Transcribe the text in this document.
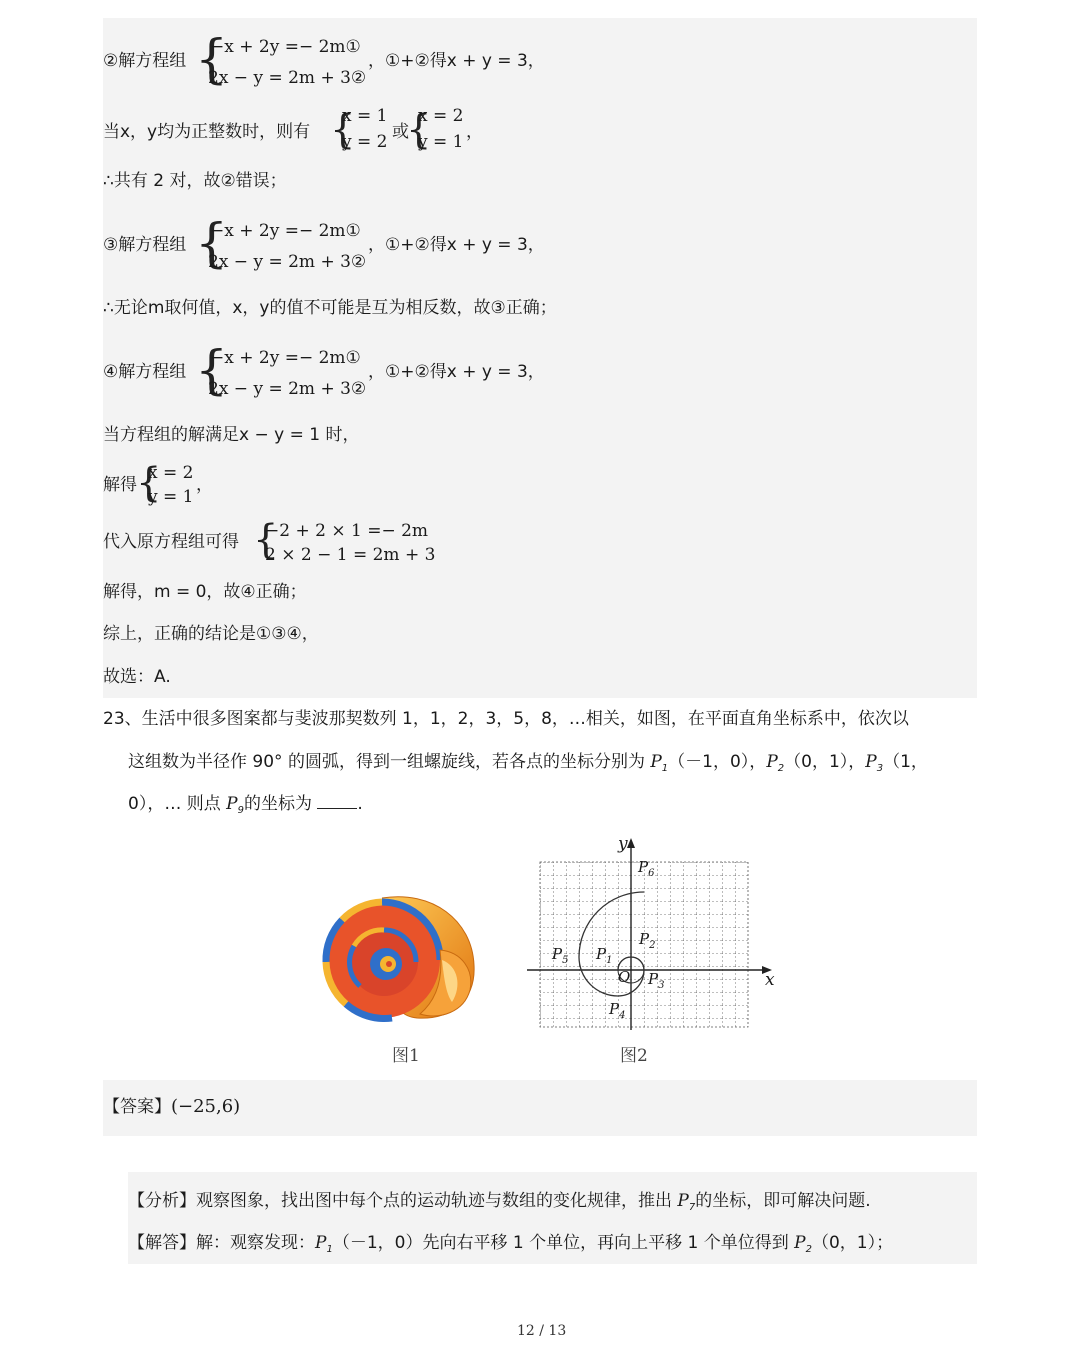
②解方程组 {
−x + 2y =− 2m①
2x − y = 2m + 3②
，①+②得x + y = 3，
当x，y均为正整数时，则有 {
x = 1
y = 2 或
{
x = 2
y = 1 ，
∴共有 2 对，故②错误；
③解方程组 {
−x + 2y =− 2m①
2x − y = 2m + 3②
，①+②得x + y = 3，
∴无论m取何值，x，y的值不可能是互为相反数，故③正确；
④解方程组 {
−x + 2y =− 2m①
2x − y = 2m + 3②
，①+②得x + y = 3，
当方程组的解满足x − y = 1 时，
解得 {
x = 2
y = 1
，
代入原方程组可得 {
−2 + 2 × 1 =− 2m
2 × 2 − 1 = 2m + 3
解得，m = 0，故④正确；
综上，正确的结论是①③④，
故选：A.
23、生活中很多图案都与斐波那契数列 1，1，2，3，5，8，…相关，如图，在平面直角坐标系中，依次以
这组数为半径作 90° 的圆弧，得到一组螺旋线，若各点的坐标分别为 $P_1(-1$，0），$P_2(0$，1），$P_3(1$，
0），… 则点 $P_9$的坐标为 .
图1
x
y
O
$P_1$
$P_2$
$P_3$
$P_4$
$P_5$
$P_6$
图2
【答案】(−25,6)
【分析】观察图象，找出图中每个点的运动轨迹与数组的变化规律，推出 $P_7$的坐标，即可解决问题.
【解答】解：观察发现：$P_1(-1$，0）先向右平移 1 个单位，再向上平移 1 个单位得到 $P_2(0$，1）；
12 / 13
